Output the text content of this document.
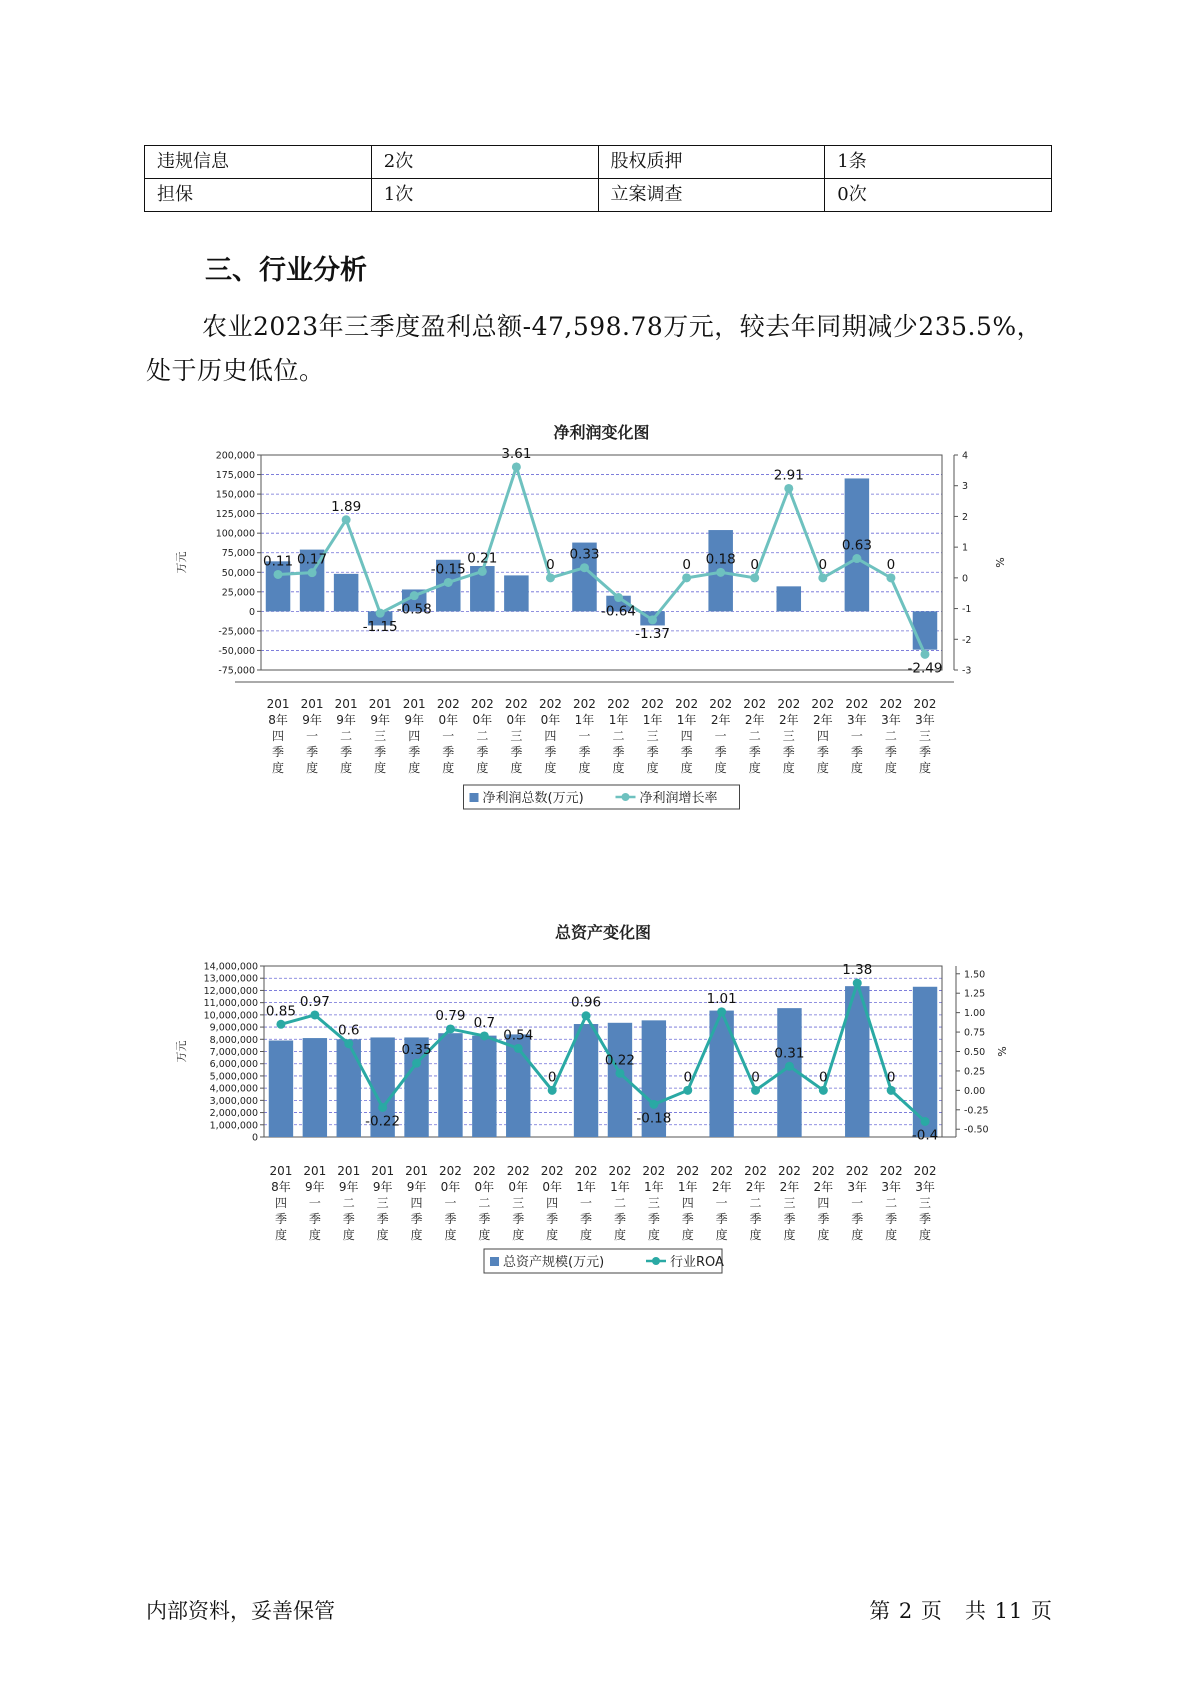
违规信息	2次	股权质押	1条
担保	1次	立案调查	0次
三、行业分析

农业2023年三季度盈利总额-47,598.78万元，较去年同期减少235.5%，处于历史低位。

净利润变化图
200,000
175,000
150,000
125,000
100,000
75,000
50,000
25,000
0
-25,000
-50,000
-75,000
4
3
2
1
0
-1
-2
-3
万元	%
0.11 0.17
1.89
-1.15
-0.58
-0.15
0.21
3.61
0
0.33
-0.64
-1.37
0 0.18 0
2.91
0
0.63
0
-2.49
201 8年四季度
201 9年一季度
201 9年二季度
201 9年三季度
201 9年四季度
202 0年一季度
202 0年二季度
202 0年三季度
202 0年四季度
202 1年一季度
202 1年二季度
202 1年三季度
202 1年四季度
202 2年一季度
202 2年二季度
202 2年三季度
202 2年四季度
202 3年一季度
202 3年二季度
202 3年三季度
净利润总数(万元)	净利润增长率
总资产变化图
14,000,000
13,000,000
12,000,000
11,000,000
10,000,000
9,000,000
8,000,000
7,000,000
6,000,000
5,000,000
4,000,000
3,000,000
2,000,000
1,000,000
0
1.50
1.25
1.00
0.75
0.50
0.25
0.00
-0.25
-0.50
万元	%
0.85
0.97
0.6
-0.22
0.35
0.79 0.7
0.54
0
0.96
0.22
-0.18
0
1.01
0
0.31
0
1.38
0
-0.4
201 8年四季度
201 9年一季度
201 9年二季度
201 9年三季度
201 9年四季度
202 0年一季度
202 0年二季度
202 0年三季度
202 0年四季度
202 1年一季度
202 1年二季度
202 1年三季度
202 1年四季度
202 2年一季度
202 2年二季度
202 2年三季度
202 2年四季度
202 3年一季度
202 3年二季度
202 3年三季度
总资产规模(万元)	行业ROA
内部资料，妥善保管	第 2 页　共 11 页
